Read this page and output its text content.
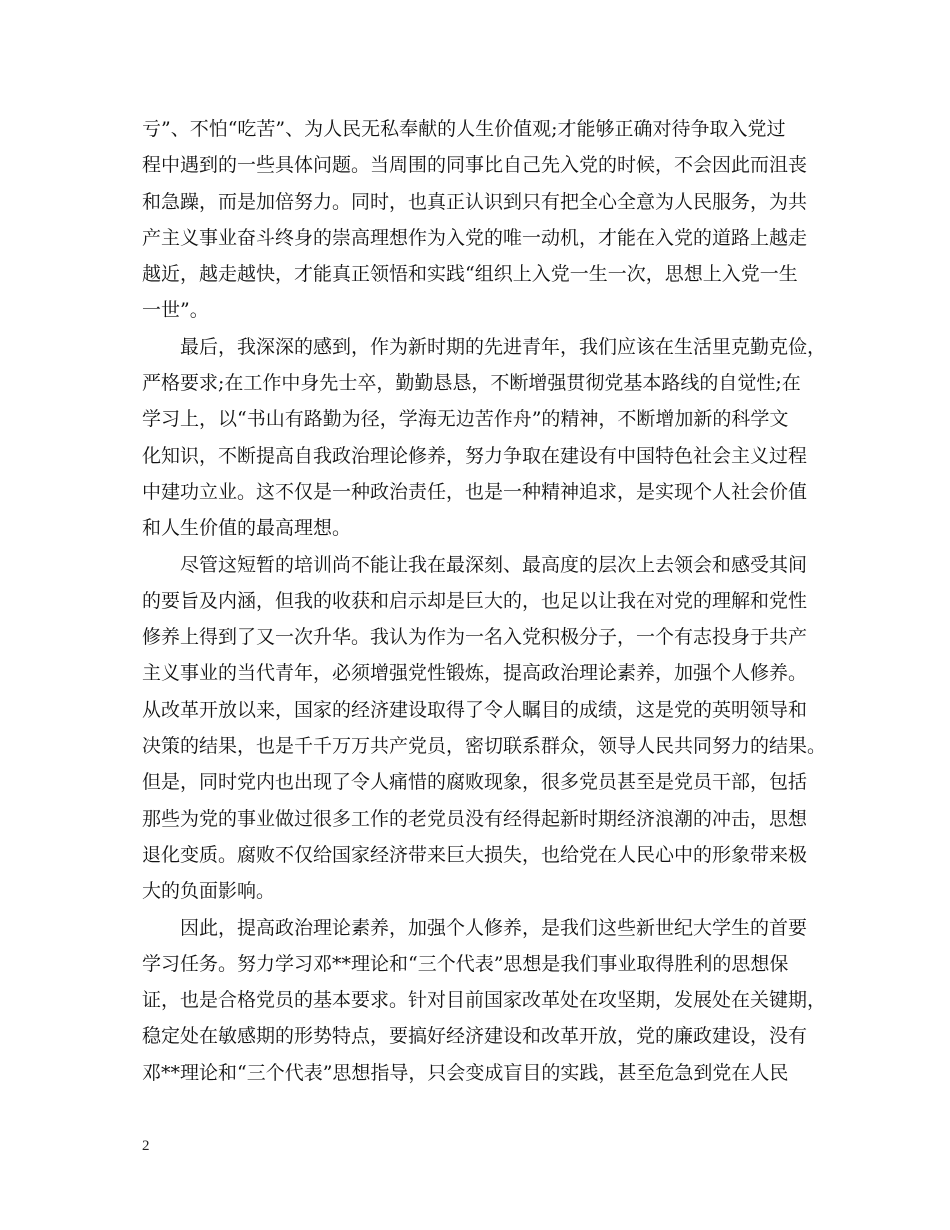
亏”、不怕“吃苦”、为人民无私奉献的人生价值观;才能够正确对待争取入党过
程中遇到的一些具体问题。当周围的同事比自己先入党的时候，不会因此而沮丧
和急躁，而是加倍努力。同时，也真正认识到只有把全心全意为人民服务，为共
产主义事业奋斗终身的崇高理想作为入党的唯一动机，才能在入党的道路上越走
越近，越走越快，才能真正领悟和实践“组织上入党一生一次，思想上入党一生
一世”。
　　最后，我深深的感到，作为新时期的先进青年，我们应该在生活里克勤克俭，
严格要求;在工作中身先士卒，勤勤恳恳，不断增强贯彻党基本路线的自觉性;在
学习上，以“书山有路勤为径，学海无边苦作舟”的精神，不断增加新的科学文
化知识，不断提高自我政治理论修养，努力争取在建设有中国特色社会主义过程
中建功立业。这不仅是一种政治责任，也是一种精神追求，是实现个人社会价值
和人生价值的最高理想。
　　尽管这短暂的培训尚不能让我在最深刻、最高度的层次上去领会和感受其间
的要旨及内涵，但我的收获和启示却是巨大的，也足以让我在对党的理解和党性
修养上得到了又一次升华。我认为作为一名入党积极分子，一个有志投身于共产
主义事业的当代青年，必须增强党性锻炼，提高政治理论素养，加强个人修养。
从改革开放以来，国家的经济建设取得了令人瞩目的成绩，这是党的英明领导和
决策的结果，也是千千万万共产党员，密切联系群众，领导人民共同努力的结果。
但是，同时党内也出现了令人痛惜的腐败现象，很多党员甚至是党员干部，包括
那些为党的事业做过很多工作的老党员没有经得起新时期经济浪潮的冲击，思想
退化变质。腐败不仅给国家经济带来巨大损失，也给党在人民心中的形象带来极
大的负面影响。
　　因此，提高政治理论素养，加强个人修养，是我们这些新世纪大学生的首要
学习任务。努力学习邓**理论和“三个代表”思想是我们事业取得胜利的思想保
证，也是合格党员的基本要求。针对目前国家改革处在攻坚期，发展处在关键期，
稳定处在敏感期的形势特点，要搞好经济建设和改革开放，党的廉政建设，没有
邓**理论和“三个代表”思想指导，只会变成盲目的实践，甚至危急到党在人民
2
